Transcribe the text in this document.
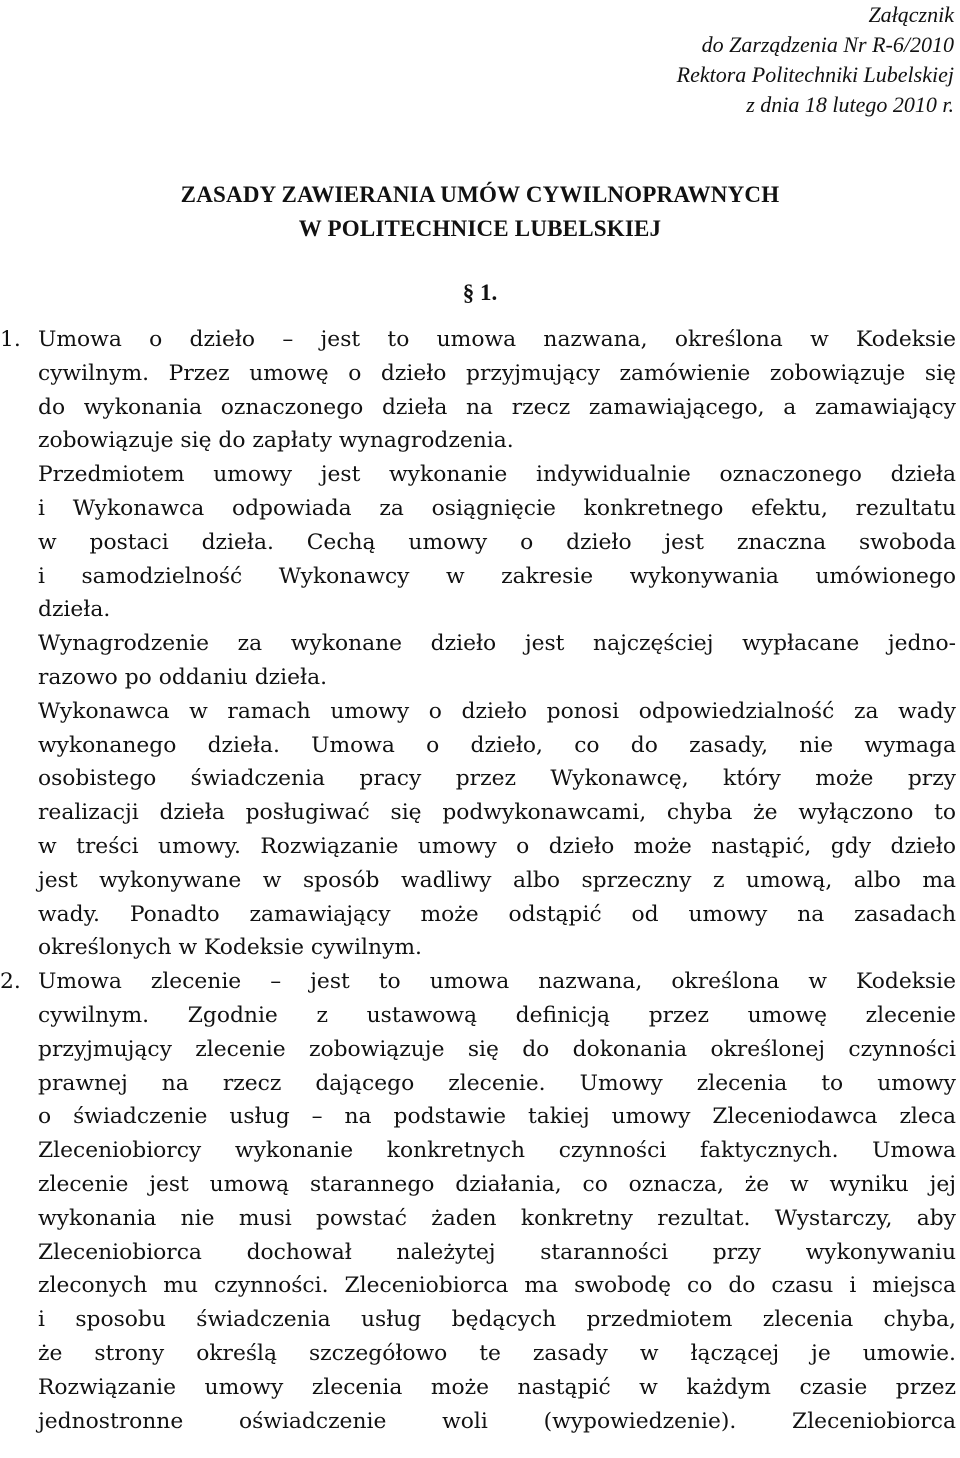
Załącznik
do Zarządzenia Nr R-6/2010
Rektora Politechniki Lubelskiej
z dnia 18 lutego 2010 r.
ZASADY ZAWIERANIA UMÓW CYWILNOPRAWNYCH
W POLITECHNICE LUBELSKIEJ
§ 1.
1. Umowa o dzieło – jest to umowa nazwana, określona w Kodeksie
cywilnym. Przez umowę o dzieło przyjmujący zamówienie zobowiązuje się
do wykonania oznaczonego dzieła na rzecz zamawiającego, a zamawiający
zobowiązuje się do zapłaty wynagrodzenia.
Przedmiotem umowy jest wykonanie indywidualnie oznaczonego dzieła
i Wykonawca odpowiada za osiągnięcie konkretnego efektu, rezultatu
w postaci dzieła. Cechą umowy o dzieło jest znaczna swoboda
i samodzielność Wykonawcy w zakresie wykonywania umówionego
dzieła.
Wynagrodzenie za wykonane dzieło jest najczęściej wypłacane jedno-
razowo po oddaniu dzieła.
Wykonawca w ramach umowy o dzieło ponosi odpowiedzialność za wady
wykonanego dzieła. Umowa o dzieło, co do zasady, nie wymaga
osobistego świadczenia pracy przez Wykonawcę, który może przy
realizacji dzieła posługiwać się podwykonawcami, chyba że wyłączono to
w treści umowy. Rozwiązanie umowy o dzieło może nastąpić, gdy dzieło
jest wykonywane w sposób wadliwy albo sprzeczny z umową, albo ma
wady. Ponadto zamawiający może odstąpić od umowy na zasadach
określonych w Kodeksie cywilnym.
2. Umowa zlecenie – jest to umowa nazwana, określona w Kodeksie
cywilnym. Zgodnie z ustawową definicją przez umowę zlecenie
przyjmujący zlecenie zobowiązuje się do dokonania określonej czynności
prawnej na rzecz dającego zlecenie. Umowy zlecenia to umowy
o świadczenie usług – na podstawie takiej umowy Zleceniodawca zleca
Zleceniobiorcy wykonanie konkretnych czynności faktycznych. Umowa
zlecenie jest umową starannego działania, co oznacza, że w wyniku jej
wykonania nie musi powstać żaden konkretny rezultat. Wystarczy, aby
Zleceniobiorca dochował należytej staranności przy wykonywaniu
zleconych mu czynności. Zleceniobiorca ma swobodę co do czasu i miejsca
i sposobu świadczenia usług będących przedmiotem zlecenia chyba,
że strony określą szczegółowo te zasady w łączącej je umowie.
Rozwiązanie umowy zlecenia może nastąpić w każdym czasie przez
jednostronne oświadczenie woli (wypowiedzenie). Zleceniobiorca
